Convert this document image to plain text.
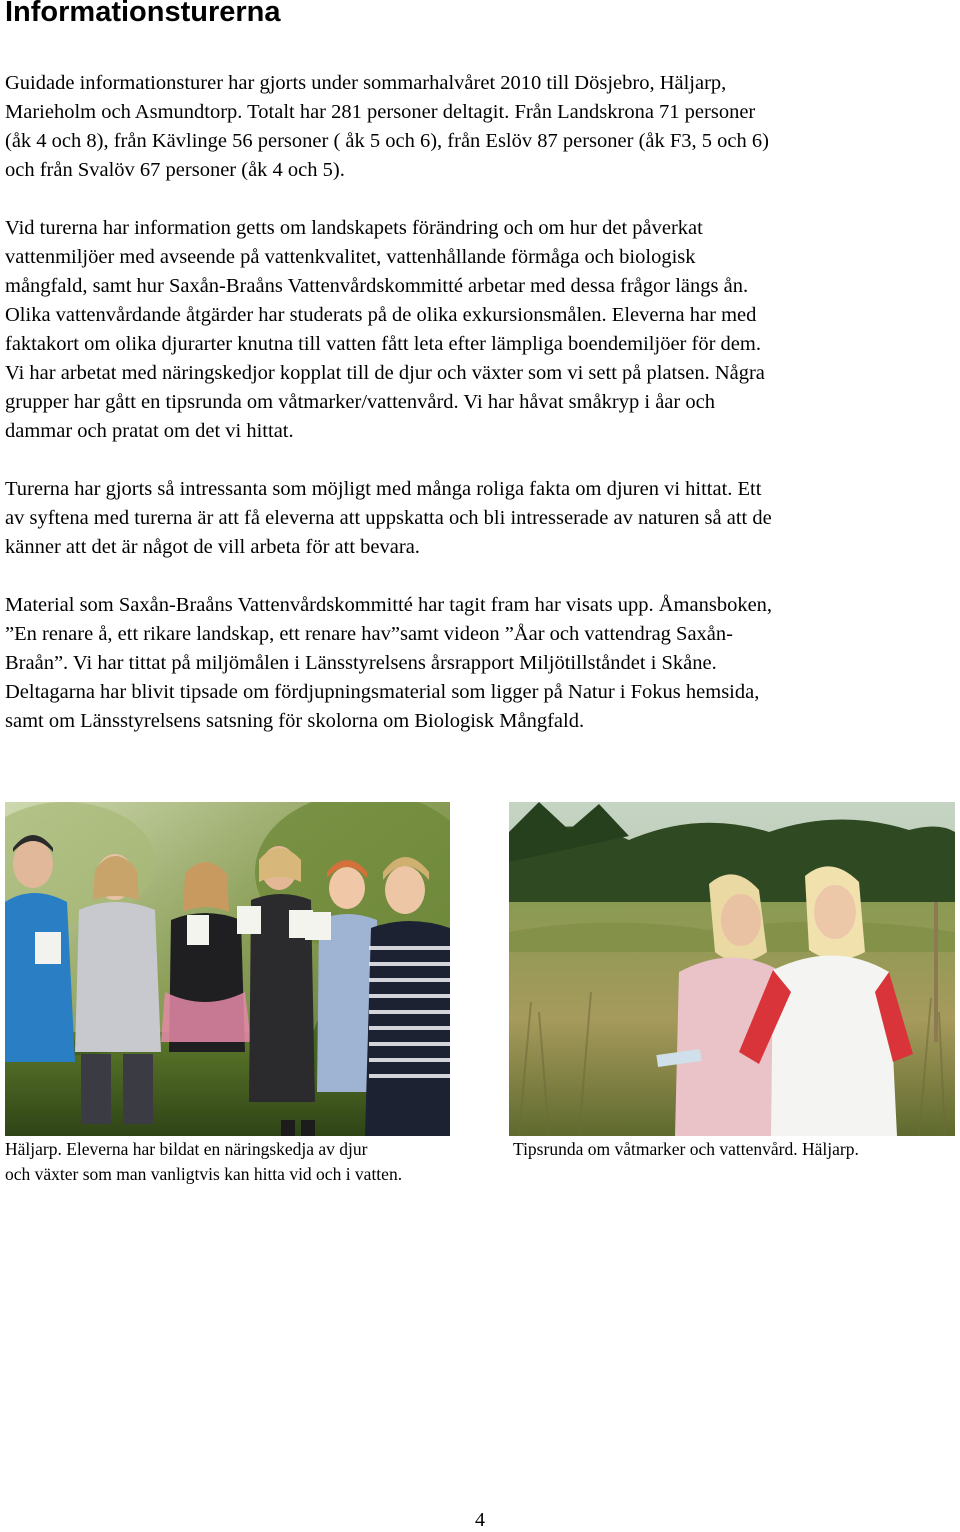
Informationsturerna

Guidade informationsturer har gjorts under sommarhalvåret 2010 till Dösjebro, Häljarp,
Marieholm och Asmundtorp. Totalt har 281 personer deltagit. Från Landskrona 71 personer
(åk 4 och 8), från Kävlinge 56 personer ( åk 5 och 6), från Eslöv 87 personer (åk F3, 5 och 6)
och från Svalöv 67 personer (åk 4 och 5).

Vid turerna har information getts om landskapets förändring och om hur det påverkat
vattenmiljöer med avseende på vattenkvalitet, vattenhållande förmåga och biologisk
mångfald, samt hur Saxån-Braåns Vattenvårdskommitté arbetar med dessa frågor längs ån.
Olika vattenvårdande åtgärder har studerats på de olika exkursionsmålen. Eleverna har med
faktakort om olika djurarter knutna till vatten fått leta efter lämpliga boendemiljöer för dem.
Vi har arbetat med näringskedjor kopplat till de djur och växter som vi sett på platsen. Några
grupper har gått en tipsrunda om våtmarker/vattenvård. Vi har håvat småkryp i åar och
dammar och pratat om det vi hittat.

Turerna har gjorts så intressanta som möjligt med många roliga fakta om djuren vi hittat. Ett
av syftena med turerna är att få eleverna att uppskatta och bli intresserade av naturen så att de
känner att det är något de vill arbeta för att bevara.

Material som Saxån-Braåns Vattenvårdskommitté har tagit fram har visats upp. Åmansboken,
”En renare å, ett rikare landskap, ett renare hav”samt videon ”Åar och vattendrag Saxån-
Braån”. Vi har tittat på miljömålen i Länsstyrelsens årsrapport Miljötillståndet i Skåne.
Deltagarna har blivit tipsade om fördjupningsmaterial som ligger på Natur i Fokus hemsida,
samt om Länsstyrelsens satsning för skolorna om Biologisk Mångfald.

Häljarp. Eleverna har bildat en näringskedja av djur
och växter som man vanligtvis kan hitta vid och i vatten.

Tipsrunda om våtmarker och vattenvård. Häljarp.

4
